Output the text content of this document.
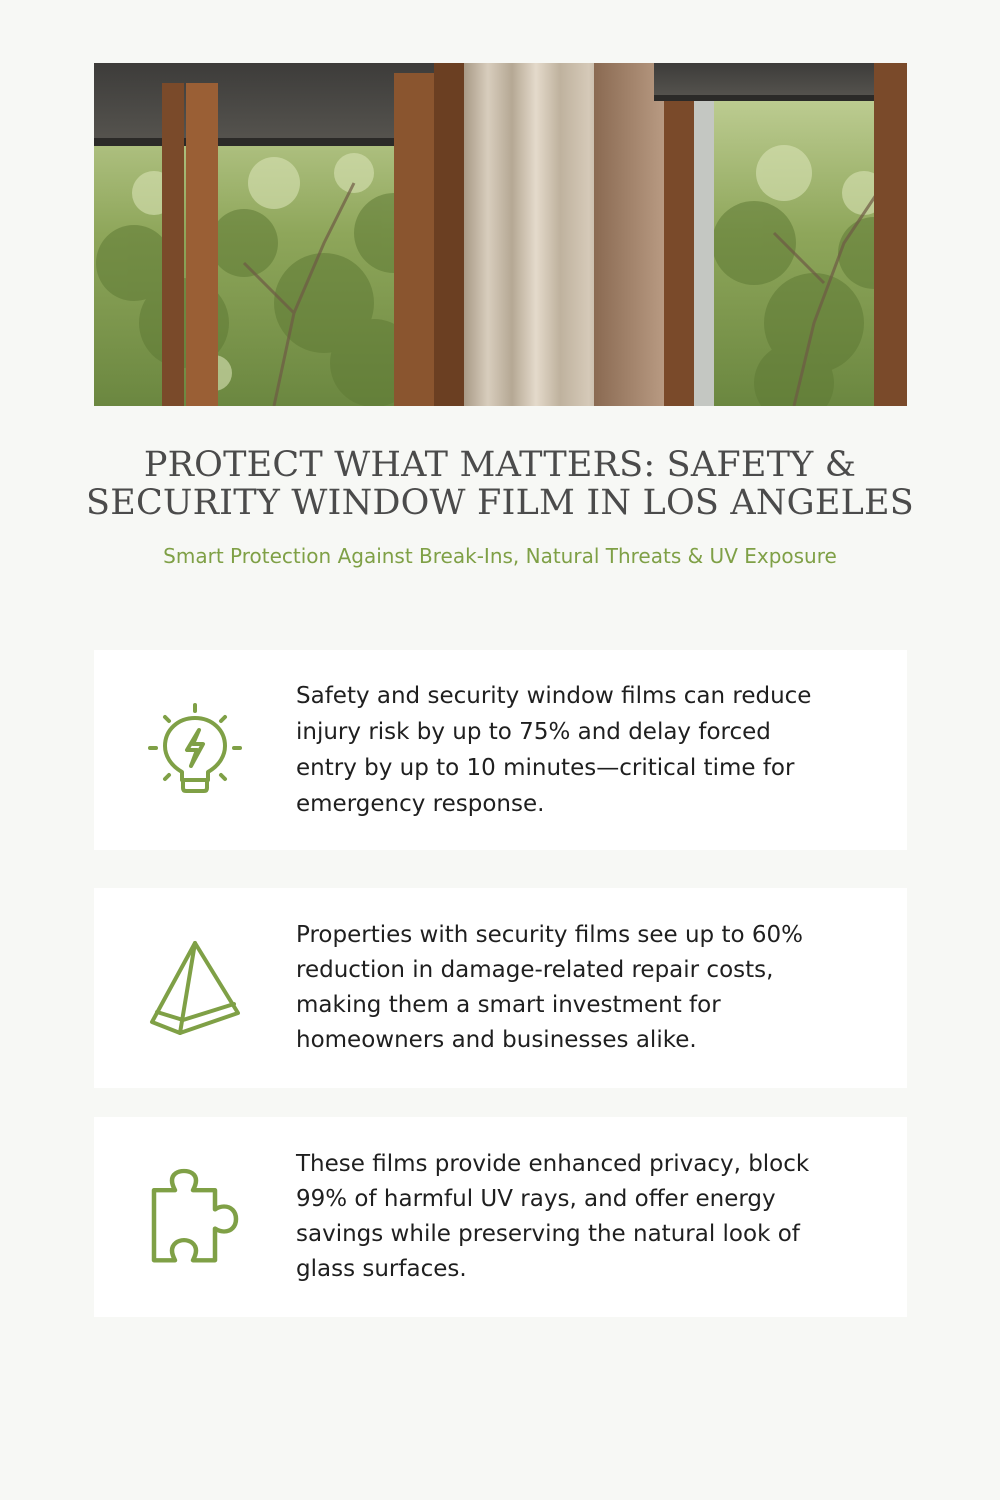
PROTECT WHAT MATTERS: SAFETY & SECURITY WINDOW FILM IN LOS ANGELES

Smart Protection Against Break-Ins, Natural Threats & UV Exposure

Safety and security window films can reduce injury risk by up to 75% and delay forced entry by up to 10 minutes—critical time for emergency response.
Properties with security films see up to 60% reduction in damage-related repair costs, making them a smart investment for homeowners and businesses alike.
These films provide enhanced privacy, block 99% of harmful UV rays, and offer energy savings while preserving the natural look of glass surfaces.
